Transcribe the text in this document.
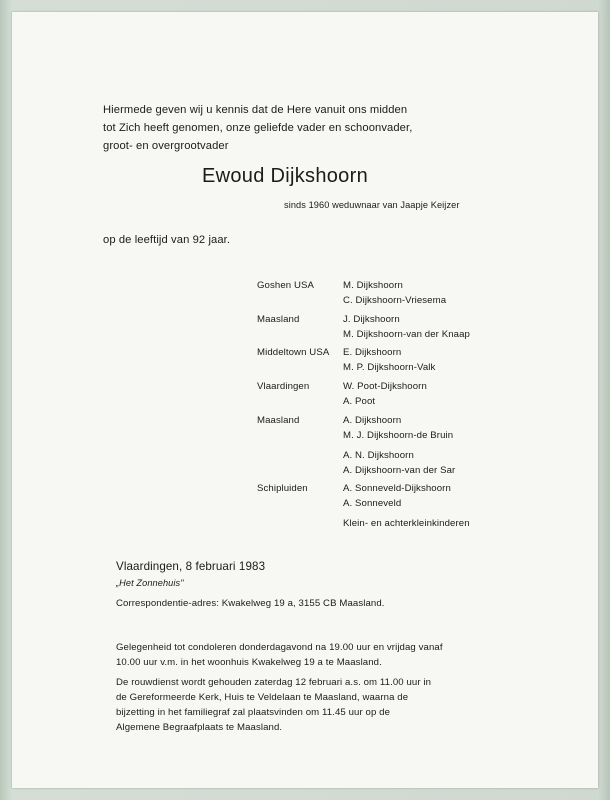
Hiermede geven wij u kennis dat de Here vanuit ons midden
tot Zich heeft genomen, onze geliefde vader en schoonvader,
groot- en overgrootvader
Ewoud Dijkshoorn
sinds 1960 weduwnaar van Jaapje Keijzer
op de leeftijd van 92 jaar.
Goshen USA	M. Dijkshoorn
C. Dijkshoorn-Vriesema
Maasland	J. Dijkshoorn
M. Dijkshoorn-van der Knaap
Middeltown USA E. Dijkshoorn
M. P. Dijkshoorn-Valk
Vlaardingen	W. Poot-Dijkshoorn
A. Poot
Maasland	A. Dijkshoorn
M. J. Dijkshoorn-de Bruin
A. N. Dijkshoorn
A. Dijkshoorn-van der Sar
Schipluiden	A. Sonneveld-Dijkshoorn
A. Sonneveld
Klein- en achterkleinkinderen
Vlaardingen, 8 februari 1983
„Het Zonnehuis"
Correspondentie-adres: Kwakelweg 19 a, 3155 CB Maasland.
Gelegenheid tot condoleren donderdagavond na 19.00 uur en vrijdag vanaf
10.00 uur v.m. in het woonhuis Kwakelweg 19 a te Maasland.
De rouwdienst wordt gehouden zaterdag 12 februari a.s. om 11.00 uur in
de Gereformeerde Kerk, Huis te Veldelaan te Maasland, waarna de
bijzetting in het familiegraf zal plaatsvinden om 11.45 uur op de
Algemene Begraafplaats te Maasland.
